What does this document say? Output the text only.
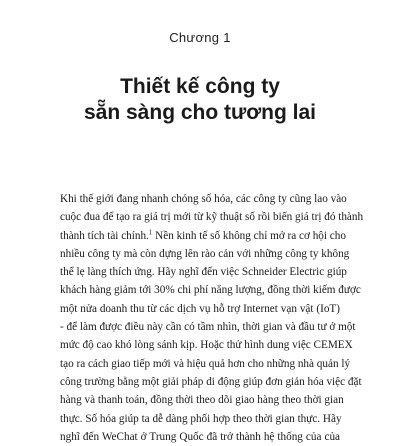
Chương 1
Thiết kế công ty
sẵn sàng cho tương lai
Khi thế giới đang nhanh chóng số hóa, các công ty cũng lao vào
cuộc đua để tạo ra giá trị mới từ kỹ thuật số rồi biến giá trị đó thành
thành tích tài chính.$^1$ Nền kinh tế số không chỉ mở ra cơ hội cho
nhiều công ty mà còn dựng lên rào cản với những công ty không
thể lẹ làng thích ứng. Hãy nghĩ đến việc Schneider Electric giúp
khách hàng giảm tới 30% chi phí năng lượng, đồng thời kiếm được
một nửa doanh thu từ các dịch vụ hỗ trợ Internet vạn vật (IoT)
- để làm được điều này cần có tầm nhìn, thời gian và đầu tư ở một
mức độ cao khó lòng sánh kịp. Hoặc thử hình dung việc CEMEX
tạo ra cách giao tiếp mới và hiệu quả hơn cho những nhà quản lý
công trường bằng một giải pháp di động giúp đơn giản hóa việc đặt
hàng và thanh toán, đồng thời theo dõi giao hàng theo thời gian
thực. Số hóa giúp ta dễ dàng phối hợp theo thời gian thực. Hãy
nghĩ đến WeChat ở Trung Quốc đã trở thành hệ thống của của
